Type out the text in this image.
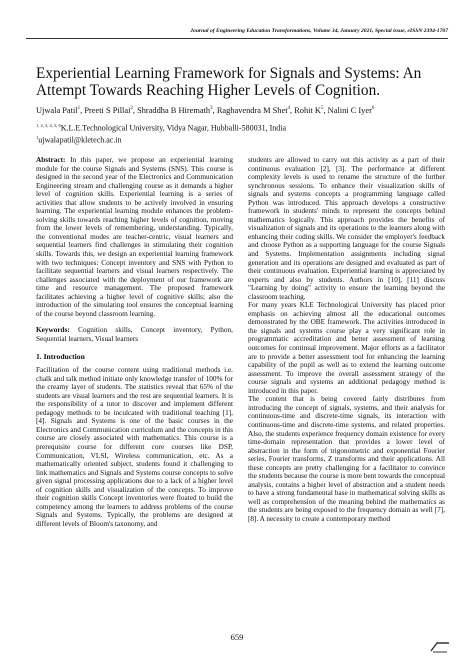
Journal of Engineering Education Transformations, Volume 34, January 2021, Special issue, eISSN 2394-1707
Experiential Learning Framework for Signals and Systems: An Attempt Towards Reaching Higher Levels of Cognition.
Ujwala Patil$^1$, Preeti S Pillai$^2$, Shraddha B Hiremath$^3$, Raghavendra M Shet$^4$, Rohit $K^5$, Nalini C Iyer$^6$
$^{1, 2, 3, 4, 5, 6}$K.L.E.Technological University, Vidya Nagar, Hubballi-580031, India
$^1$ujwalapatil@kletech.ac.in

Abstract: In this paper, we propose an experiential learning module for the course Signals and Systems (SNS). This course is designed in the second year of the Electronics and Communication Engineering stream and challenging course as it demands a higher level of cognition skills. Experiential learning is a series of activities that allow students to be actively involved in ensuring learning. The experiential learning module enhances the problem-solving skills towards reaching higher levels of cognition, moving from the lower levels of remembering, understanding. Typically, the conventional modes are teacher-centric, visual learners and sequential learners find challenges in stimulating their cognition skills. Towards this, we design an experiential learning framework with two techniques: Concept inventory and SNS with Python to facilitate sequential learners and visual learners respectively. The challenges associated with the deployment of our framework are time and resource management. The proposed framework facilitates achieving a higher level of cognitive skills; also the introduction of the simulating tool ensures the conceptual learning of the course beyond classroom learning.

Keywords: Cognition skills, Concept inventory, Python, Sequential learners, Visual learners

1. Introduction

Facilitation of the course content using traditional methods i.e. chalk and talk method initiate only knowledge transfer of 100% for the creamy layer of students. The statistics reveal that 65% of the students are visual learners and the rest are sequential learners. It is the responsibility of a tutor to discover and implement different pedagogy methods to be inculcated with traditional teaching [1], [4]. Signals and Systems is one of the basic courses in the Electronics and Communication curriculum and the concepts in this course are closely associated with mathematics. This course is a prerequisite course for different core courses like DSP, Communication, VLSI, Wireless communication, etc. As a mathematically oriented subject, students found it challenging to link mathematics and Signals and Systems course concepts to solve given signal processing applications due to a lack of a higher level of cognition skills and visualization of the concepts. To improve their cognition skills Concept inventories were floated to build the competency among the learners to address problems of the course Signals and Systems. Typically, the problems are designed at different levels of Bloom's taxonomy, and

students are allowed to carry out this activity as a part of their continuous evaluation [2], [3]. The performance at different complexity levels is used to rename the structure of the further synchronous sessions. To enhance their visualization skills of signals and systems concepts a programming language called Python was introduced. This approach develops a constructive framework in students' minds to represent the concepts behind mathematics logically. This approach provides the benefits of visualization of signals and its operations to the learners along with enhancing their coding skills. We consider the employer's feedback and choose Python as a supporting language for the course Signals and Systems. Implementation assignments including signal generation and its operations are designed and evaluated as part of their continuous evaluation. Experiential learning is appreciated by experts and also by students. Authors in [10], [11] discuss "Learning by doing" activity to ensure the learning beyond the classroom teaching.

For many years KLE Technological University has placed prior emphasis on achieving almost all the educational outcomes demonstrated by the OBE framework. The activities introduced in the signals and systems course play a very significant role in programmatic accreditation and better assessment of learning outcomes for continual improvement. Major efforts as a facilitator are to provide a better assessment tool for enhancing the learning capability of the pupil as well as to extend the learning outcome assessment. To improve the overall assessment strategy of the course signals and systems an additional pedagogy method is introduced in this paper.

The content that is being covered fairly distributes from introducing the concept of signals, systems, and their analysis for continuous-time and discrete-time signals, its interaction with continuous-time and discrete-time systems, and related properties. Also, the students experience frequency domain existence for every time-domain representation that provides a lower level of abstraction in the form of trigonometric and exponential Fourier series, Fourier transforms, Z transforms and their applications. All these concepts are pretty challenging for a facilitator to convince the students because the course is more bent towards the conceptual analysis, contains a higher level of abstraction and a student needs to have a strong fundamental base in mathematical solving skills as well as comprehension of the meaning behind the mathematics as the students are being exposed to the frequency domain as well [7], [8]. A necessity to create a contemporary method

659
